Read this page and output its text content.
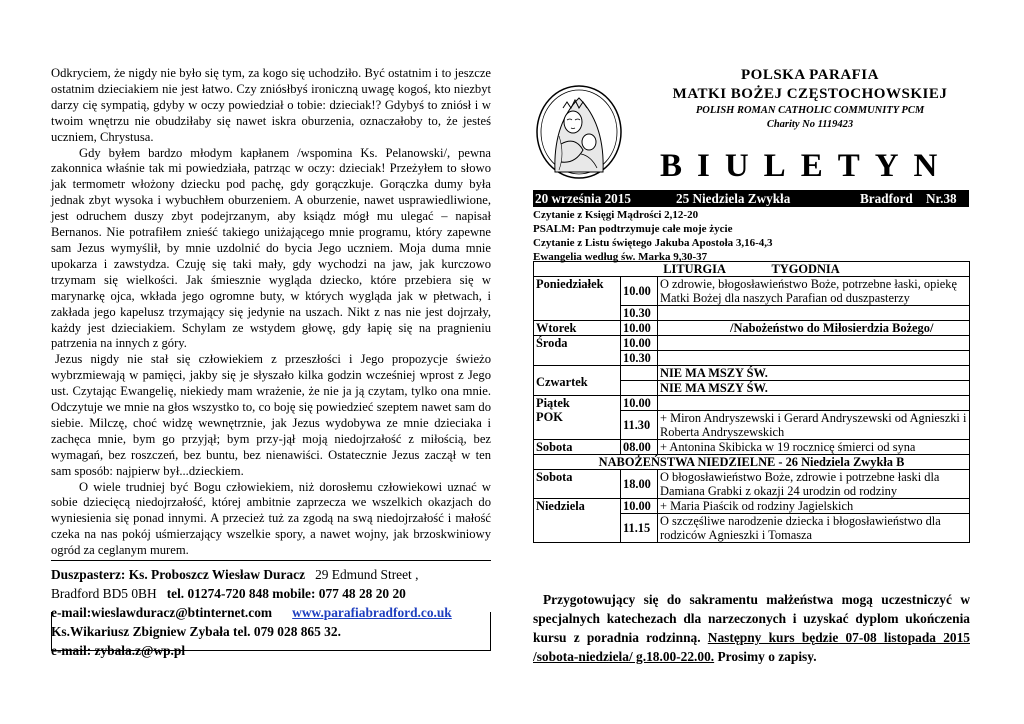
Odkryciem, że nigdy nie było się tym, za kogo się uchodziło. Być ostatnim i to jeszcze ostatnim dzieciakiem nie jest łatwo. Czy zniósłbyś ironiczną uwagę kogoś, kto niezbyt darzy cię sympatią, gdyby w oczy powiedział o tobie: dzieciak!? Gdybyś to zniósł i w twoim wnętrzu nie obudziłaby się nawet iskra oburzenia, oznaczałoby to, że jesteś uczniem, Chrystusa.

Gdy byłem bardzo młodym kapłanem /wspomina Ks. Pelanowski/, pewna zakonnica właśnie tak mi powiedziała, patrząc w oczy: dzieciak! Przeżyłem to słowo jak termometr włożony dziecku pod pachę, gdy gorączkuje. Gorączka dumy była jednak zbyt wysoka i wybuchłem oburzeniem. A oburzenie, nawet usprawiedliwione, jest odruchem duszy zbyt podejrzanym, aby ksiądz mógł mu ulegać – napisał Bernanos. Nie potrafiłem znieść takiego uniżającego mnie programu, który zapewne sam Jezus wymyślił, by mnie uzdolnić do bycia Jego uczniem. Moja duma mnie upokarza i zawstydza. Czuję się taki mały, gdy wychodzi na jaw, jak kurczowo trzymam się wielkości. Jak śmiesznie wygląda dziecko, które przebiera się w marynarkę ojca, wkłada jego ogromne buty, w których wygląda jak w płetwach, i zakłada jego kapelusz trzymający się jedynie na uszach. Nikt z nas nie jest dojrzały, każdy jest dzieciakiem. Schylam ze wstydem głowę, gdy łapię się na pragnieniu patrzenia na innych z góry.

Jezus nigdy nie stał się człowiekiem z przeszłości i Jego propozycje świeżo wybrzmiewają w pamięci, jakby się je słyszało kilka godzin wcześniej wprost z Jego ust. Czytając Ewangelię, niekiedy mam wrażenie, że nie ja ją czytam, tylko ona mnie. Odczytuje we mnie na głos wszystko to, co boję się powiedzieć szeptem nawet sam do siebie. Milczę, choć widzę wewnętrznie, jak Jezus wydobywa ze mnie dzieciaka i zachęca mnie, bym go przyjął; bym przy-jął moją niedojrzałość z miłością, bez wymagań, bez roszczeń, bez buntu, bez nienawiści. Ostatecznie Jezus zaczął w ten sam sposób: najpierw był...dzieckiem.

O wiele trudniej być Bogu człowiekiem, niż dorosłemu człowiekowi uznać w sobie dziecięcą niedojrzałość, której ambitnie zaprzecza we wszelkich okazjach do wyniesienia się ponad innymi. A przecież tuż za zgodą na swą niedojrzałość i małość czeka na nas pokój uśmierzający wszelkie spory, a nawet wojny, jak brzoskwiniowy ogród za ceglanym murem.

Duszpasterz: Ks. Proboszcz Wiesław Duracz 29 Edmund Street ,
Bradford BD5 0BH tel. 01274-720 848 mobile: 077 48 28 20 20
e-mail:wieslawduracz@btinternet.com www.parafiabradford.co.uk
Ks.Wikariusz Zbigniew Zybała tel. 079 028 865 32.
e-mail: zybala.z@wp.pl
POLSKA PARAFIA
MATKI BOŻEJ CZĘSTOCHOWSKIEJ
POLISH ROMAN CATHOLIC COMMUNITY PCM
Charity No 1119423
BIULETYN
20 września 2015	25 Niedziela Zwykła	Bradford Nr.38
Czytanie z Księgi Mądrości 2,12-20
PSALM: Pan podtrzymuje całe moje życie
Czytanie z Listu świętego Jakuba Apostoła 3,16-4,3
Ewangelia według św. Marka 9,30-37
LITURGIA TYGODNIA		
Poniedziałek	10.00	O zdrowie, błogosławieństwo Boże, potrzebne łaski, opiekę Matki Bożej dla naszych Parafian od duszpasterzy
	10.30	
Wtorek	10.00	/Nabożeństwo do Miłosierdzia Bożego/
Środa	10.00	
	10.30	
Czwartek		NIE MA MSZY ŚW.
		NIE MA MSZY ŚW.

Piątek
POK	10.00	
	11.30	+ Miron Andryszewski i Gerard Andryszewski od Agnieszki i Roberta Andryszewskich
Sobota	08.00	+ Antonina Skibicka w 19 rocznicę śmierci od syna
NABOŻEŃSTWA NIEDZIELNE - 26 Niedziela Zwykła B		
Sobota	18.00	O błogosławieństwo Boże, zdrowie i potrzebne łaski dla Damiana Grabki z okazji 24 urodzin od rodziny
Niedziela	10.00	+ Maria Piaścik od rodziny Jagielskich
	11.15	O szczęśliwe narodzenie dziecka i błogosławieństwo dla rodziców Agnieszki i Tomasza
Przygotowujący się do sakramentu małżeństwa mogą uczestniczyć w specjalnych katechezach dla narzeczonych i uzyskać dyplom ukończenia kursu z poradnia rodzinną. Następny kurs będzie 07-08 listopada 2015 /sobota-niedziela/ g.18.00-22.00. Prosimy o zapisy.
